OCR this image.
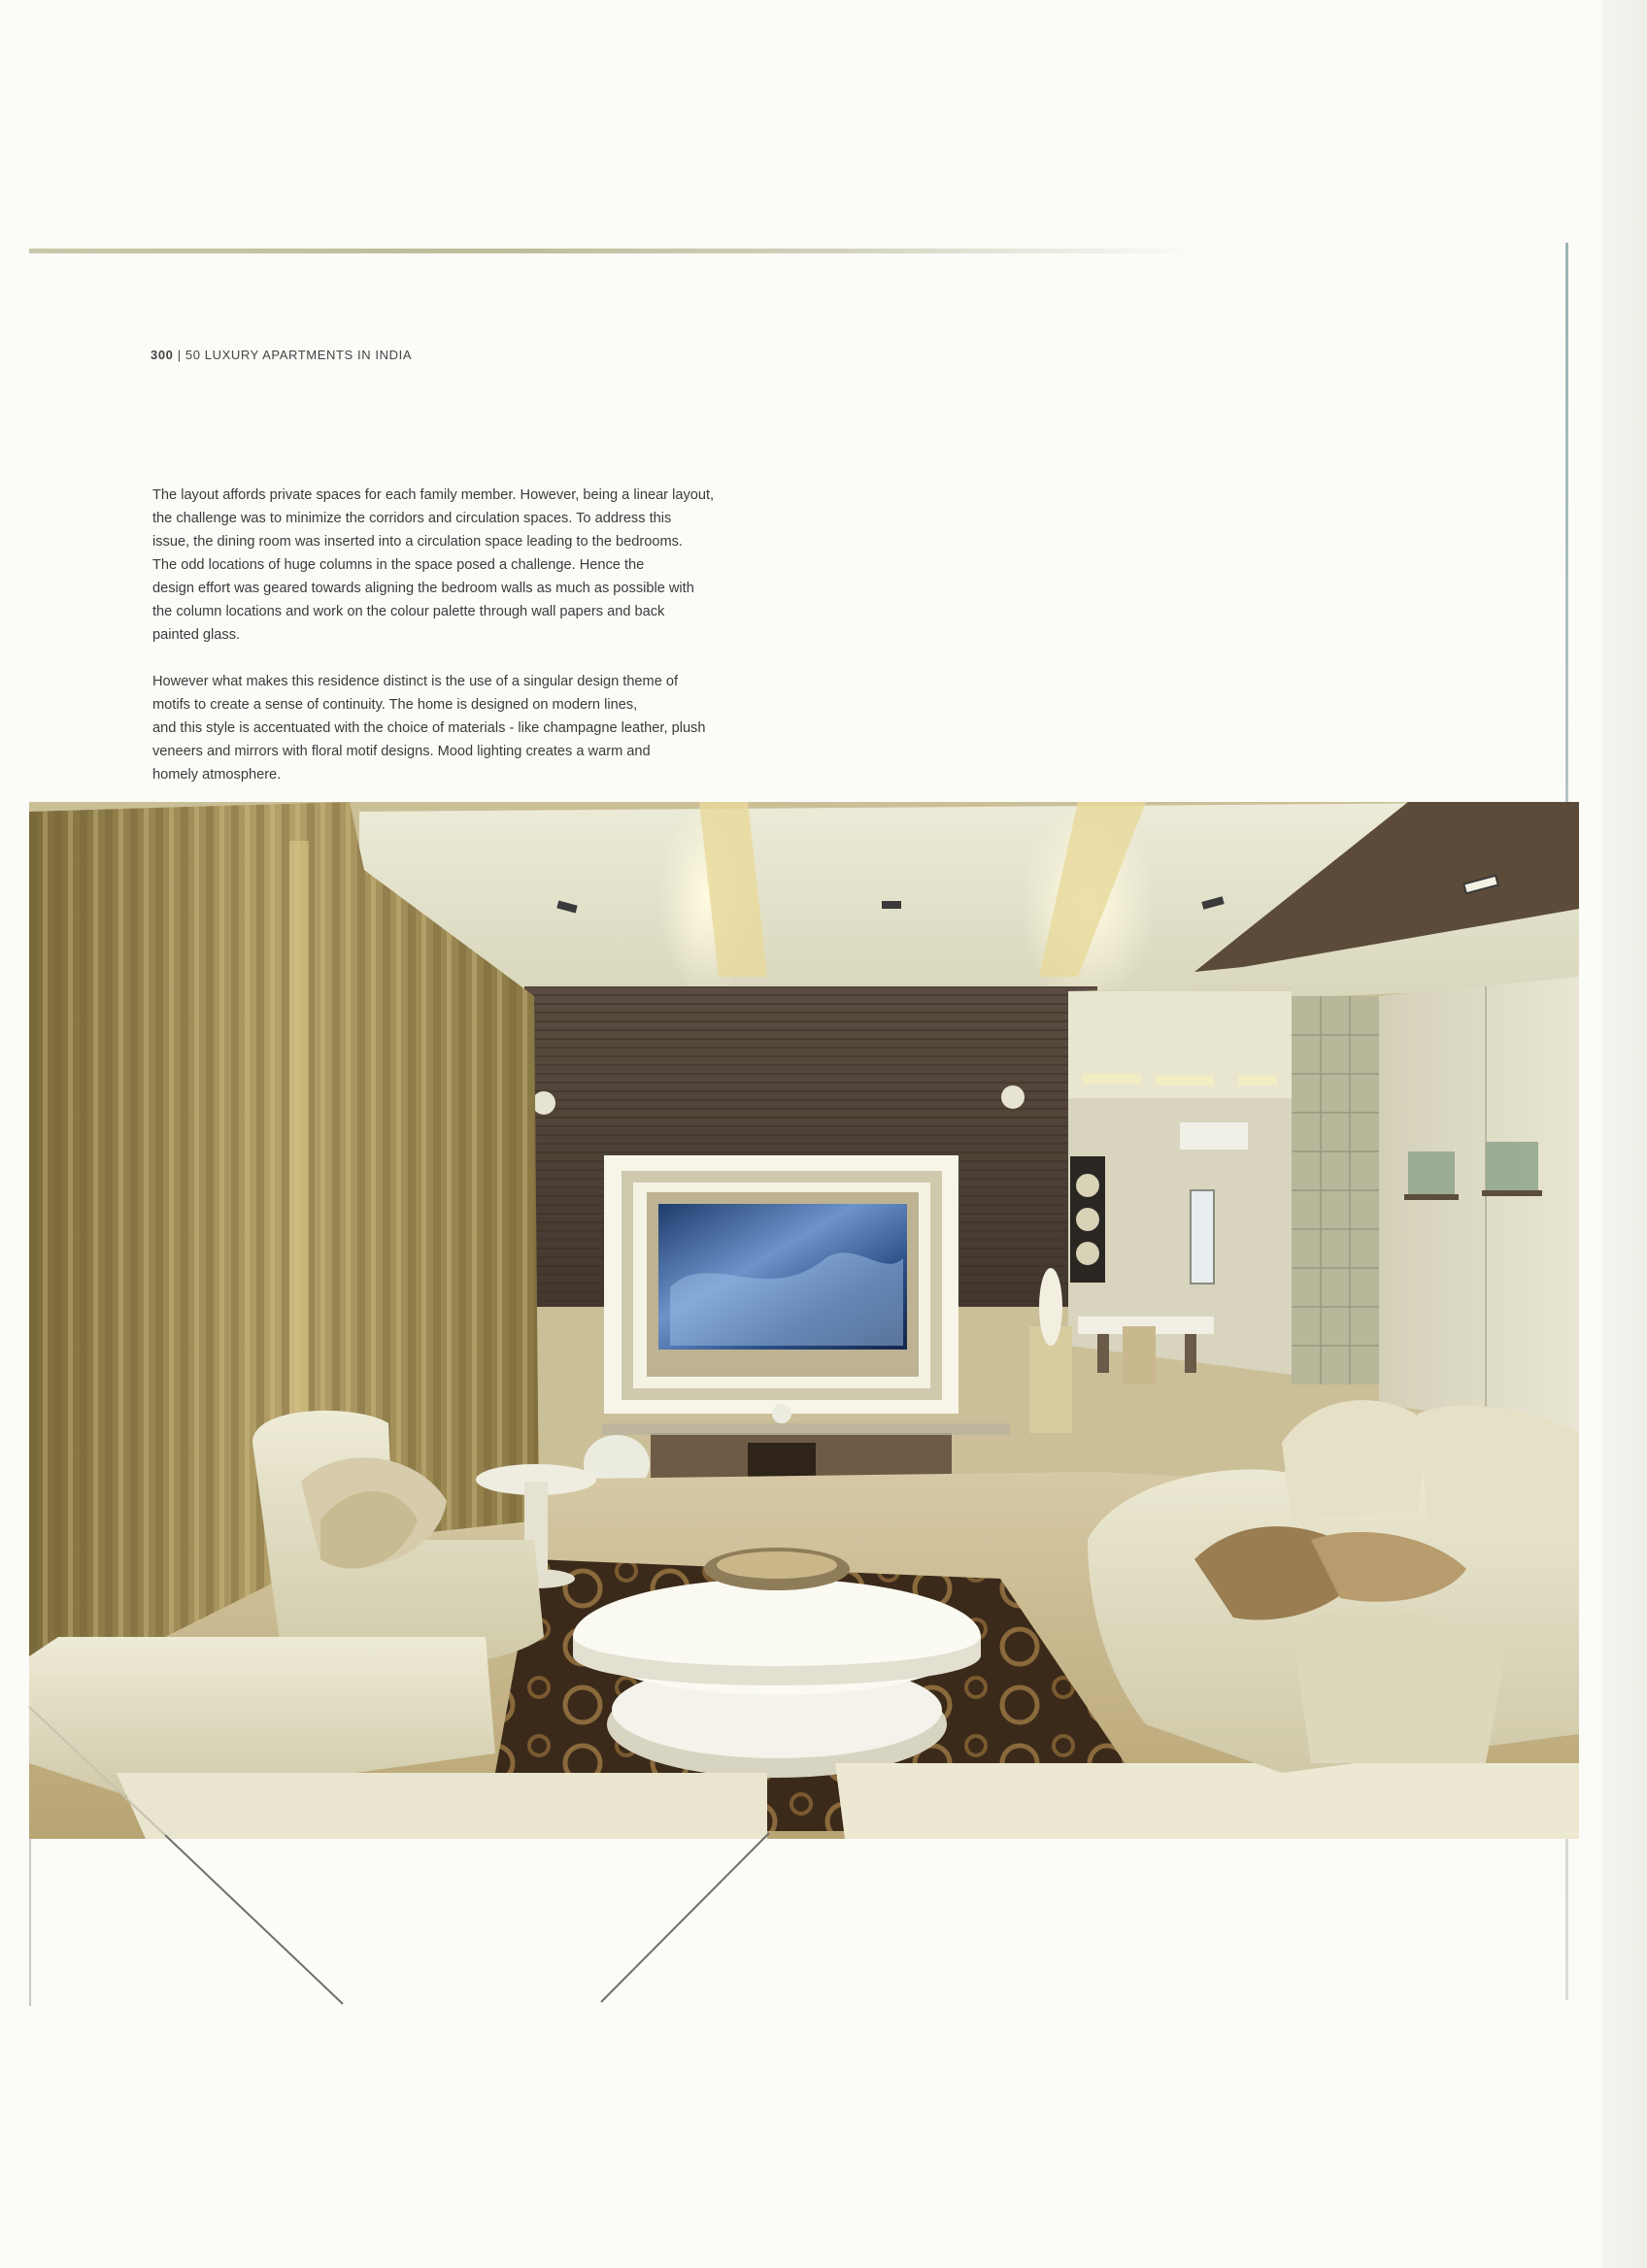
300 | 50 LUXURY APARTMENTS IN INDIA

The layout affords private spaces for each family member. However, being a linear layout,
the challenge was to minimize the corridors and circulation spaces. To address this
issue, the dining room was inserted into a circulation space leading to the bedrooms.
The odd locations of huge columns in the space posed a challenge. Hence the
design effort was geared towards aligning the bedroom walls as much as possible with
the column locations and work on the colour palette through wall papers and back
painted glass.

However what makes this residence distinct is the use of a singular design theme of
motifs to create a sense of continuity. The home is designed on modern lines,
and this style is accentuated with the choice of materials - like champagne leather, plush
veneers and mirrors with floral motif designs. Mood lighting creates a warm and
homely atmosphere.
